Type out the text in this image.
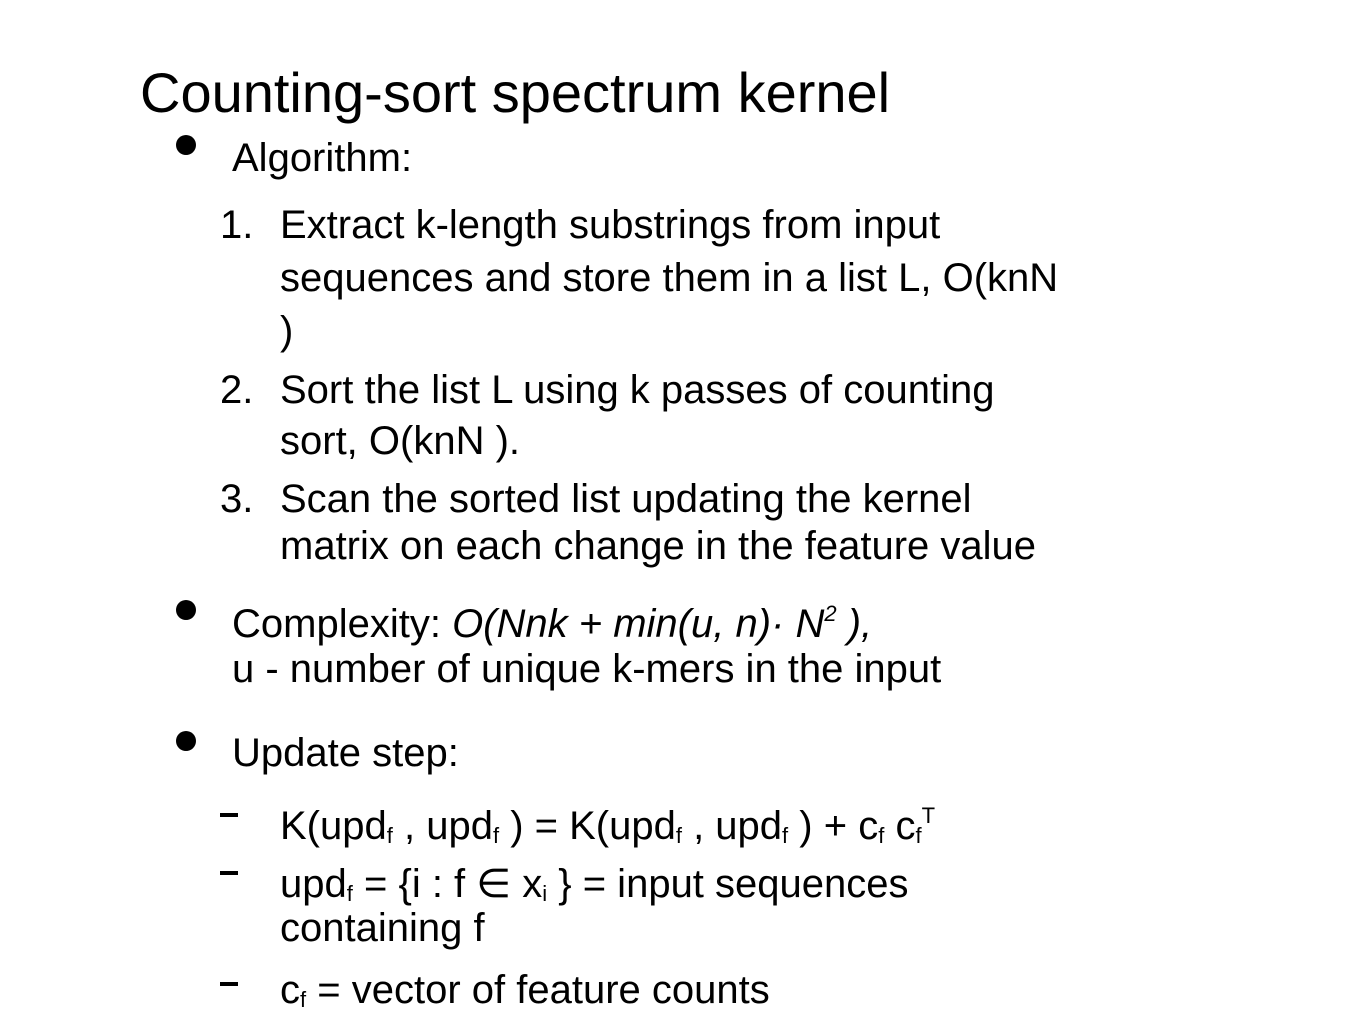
Counting-sort spectrum kernel
Algorithm:
1. Extract k-length substrings from input
sequences and store them in a list L, O(knN
)
2. Sort the list L using k passes of counting
sort, O(knN ).
3. Scan the sorted list updating the kernel
matrix on each change in the feature value
Complexity: O(Nnk + min(u, $n)\cdot N^2$ ),
u - number of unique k-mers in the input
Update step:
K(upd$_f$ , upd$_f$ ) = K(upd$_f$ , upd$_f$ ) + $c_f$ $c_f^T$
upd$_f$ = {i : f ∈ $x_i$ } = input sequences
containing f
$c_f$ = vector of feature counts
